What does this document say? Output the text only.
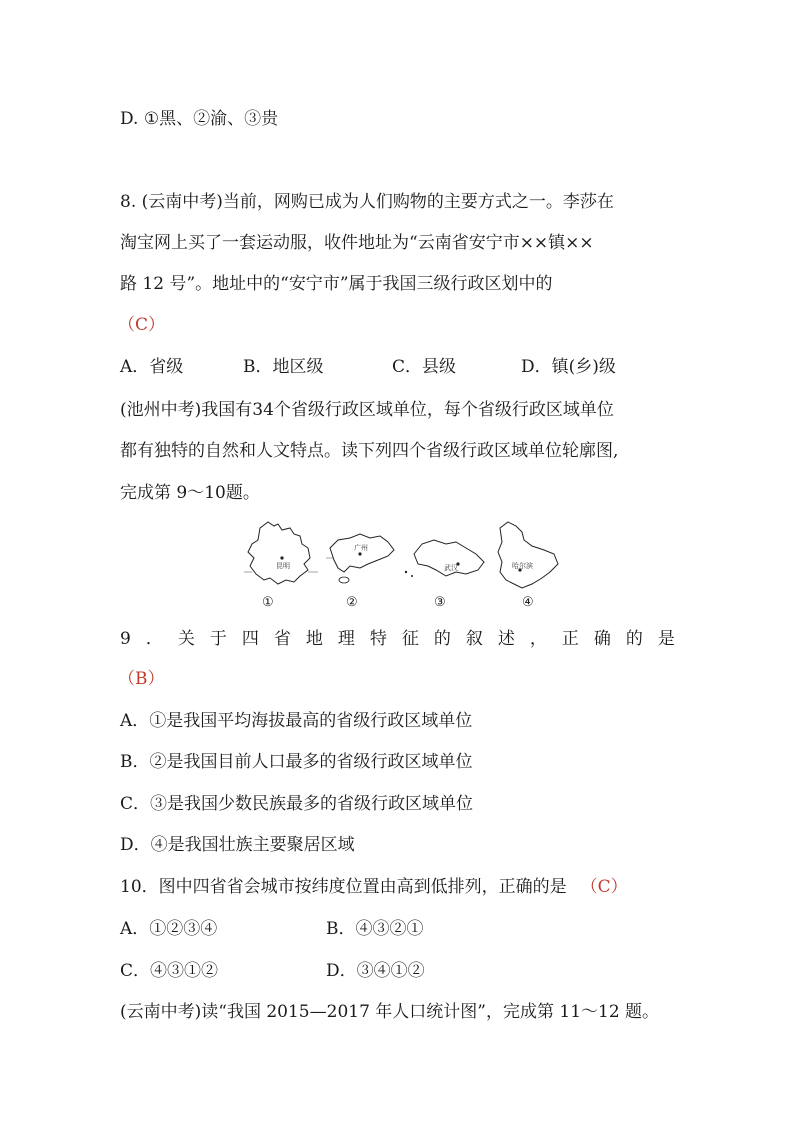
D. ①黑、②渝、③贵
8. (云南中考)当前，网购已成为人们购物的主要方式之一。李莎在
淘宝网上买了一套运动服，收件地址为“云南省安宁市××镇××
路 12 号”。地址中的“安宁市”属于我国三级行政区划中的
（C）
A．省级	B．地区级	C．县级	D．镇(乡)级
(池州中考)我国有34个省级行政区域单位，每个省级行政区域单位
都有独特的自然和人文特点。读下列四个省级行政区域单位轮廓图,
完成第 9～10题。
昆明
广州
武汉	哈尔滨
①	②	③	④
9 ． 关 于 四 省 地 理 特 征 的 叙 述 ， 正 确 的 是
（B）
A．①是我国平均海拔最高的省级行政区域单位
B．②是我国目前人口最多的省级行政区域单位
C．③是我国少数民族最多的省级行政区域单位
D．④是我国壮族主要聚居区域
10．图中四省省会城市按纬度位置由高到低排列，正确的是 （C）
A．①②③④	B．④③②①
C．④③①②	D．③④①②
(云南中考)读“我国 2015—2017 年人口统计图”，完成第 11～12 题。
